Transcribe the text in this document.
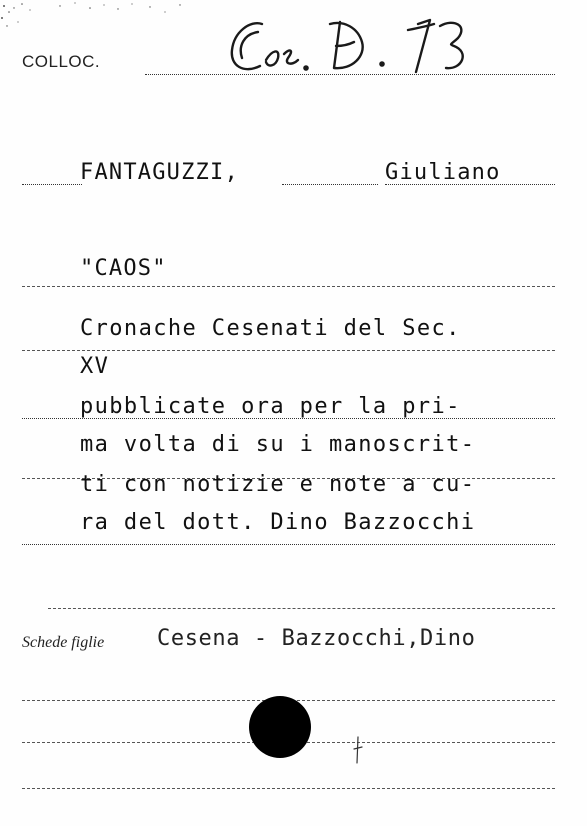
COLLOC.
FANTAGUZZI,	Giuliano
"CAOS"
Cronache Cesenati del Sec.
XV
pubblicate ora per la pri-
ma volta di su i manoscrit-
ti con notizie e note a cu-
ra del dott. Dino Bazzocchi
Schede figlie Cesena - Bazzocchi,Dino
